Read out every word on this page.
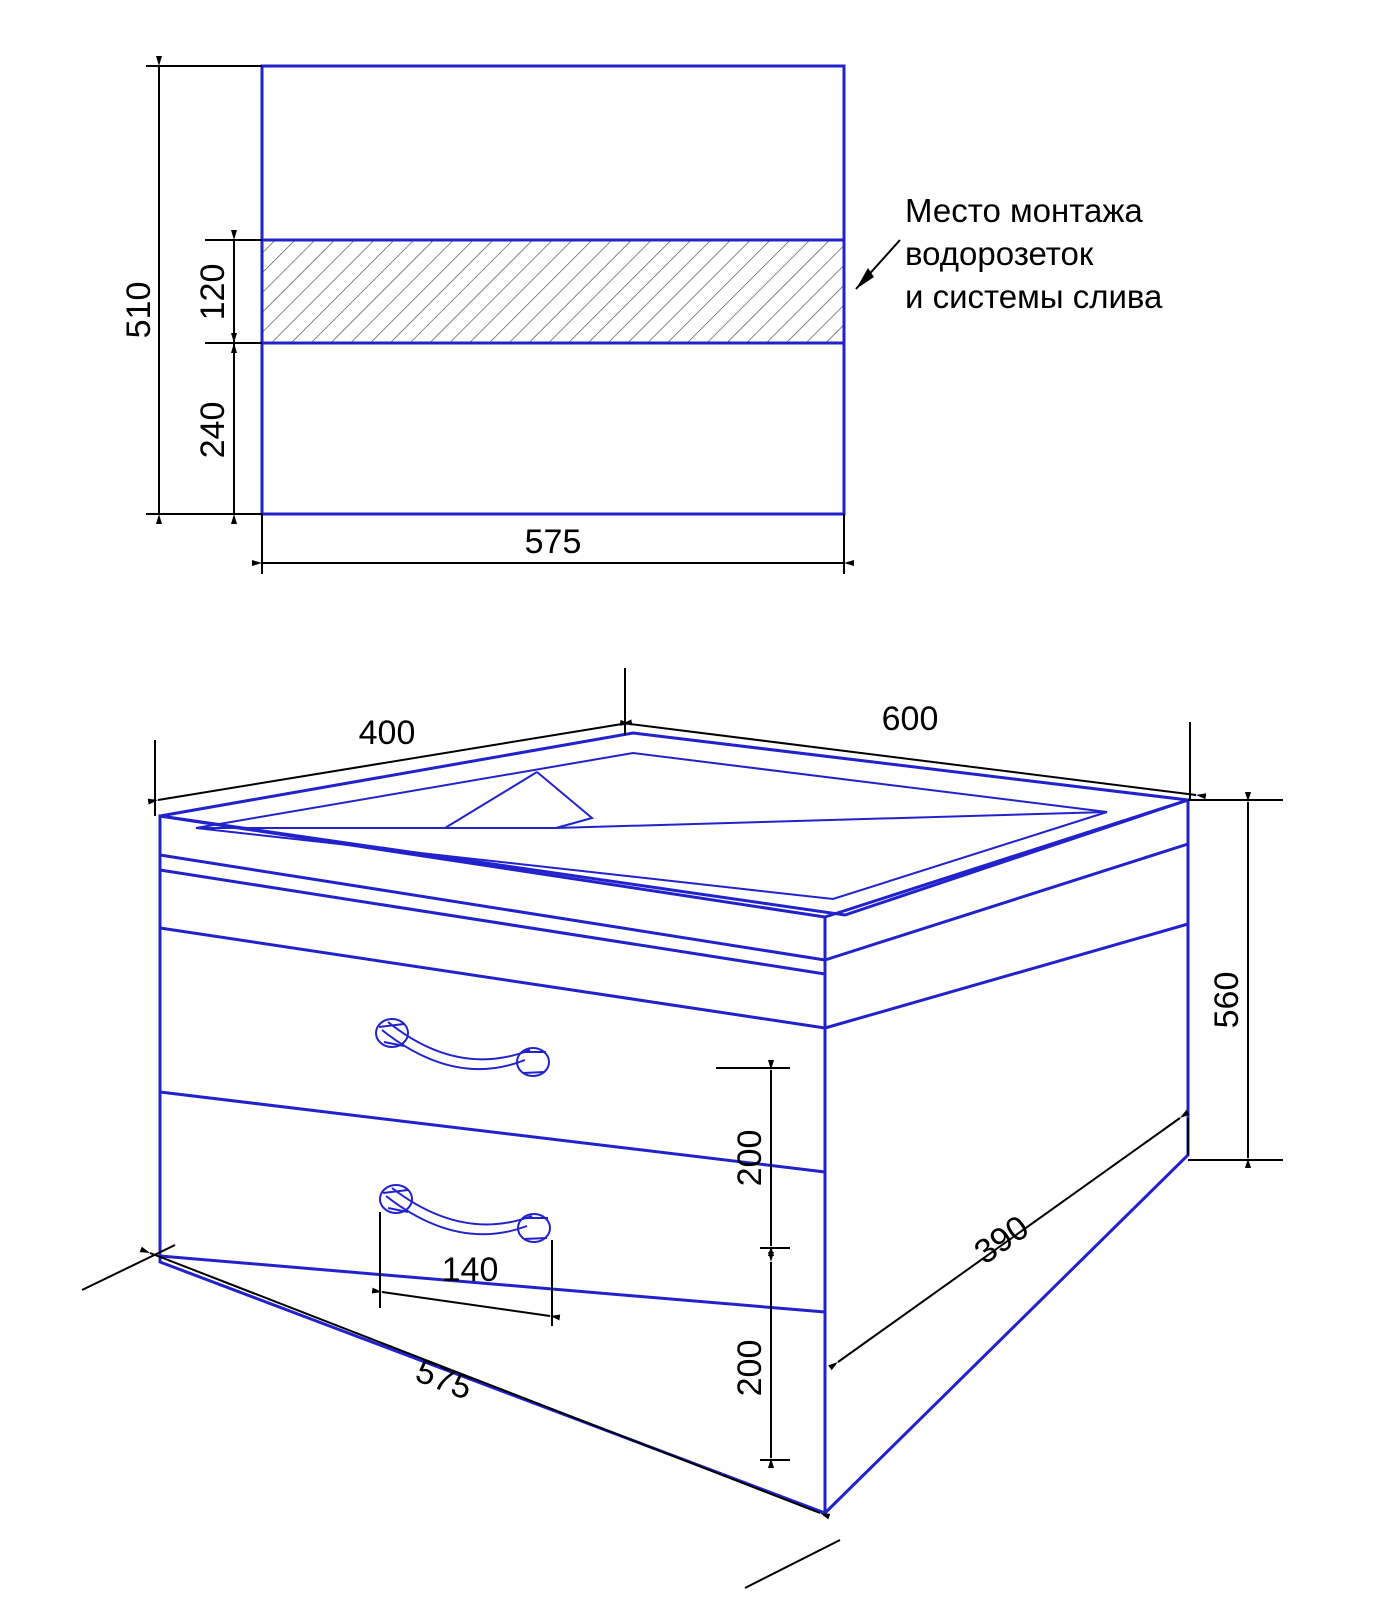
510 120
240
575
Место монтажа
водорозеток
и системы слива
400	600
560
200
200
140	390
575
